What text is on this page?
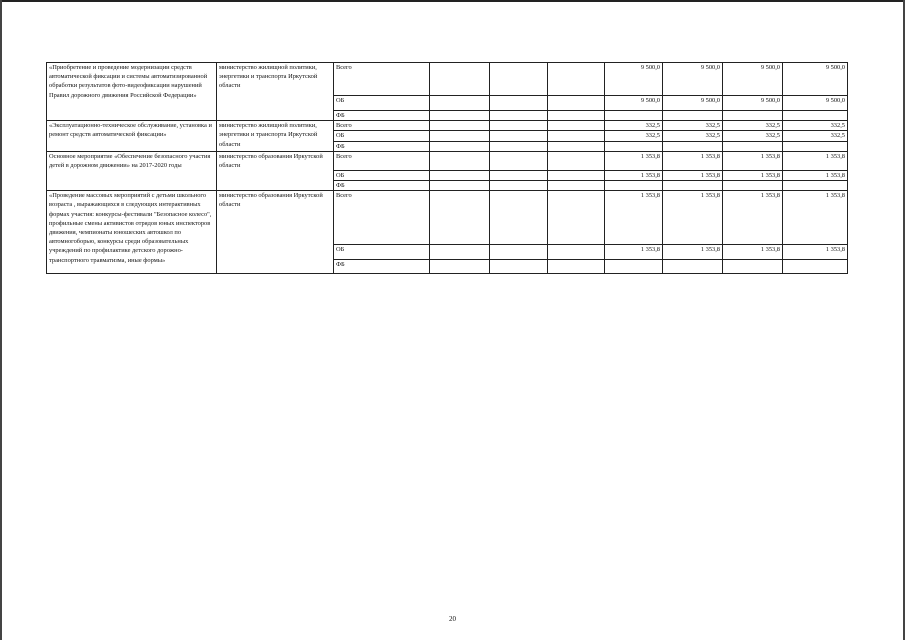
«Приобретение и проведение модернизации средств автоматической фиксации и системы автоматизированной обработки результатов фото-видеофиксации нарушений Правил дорожного движения Российской Федерации»	министерство жилищной политики, энергетики и транспорта Иркутской области	Всего				9 500,0	9 500,0	9 500,0	9 500,0
		ОБ				9 500,0	9 500,0	9 500,0	9 500,0
		ФБ							
«Эксплуатационно-техническое обслуживание, установка и ремонт средств автоматической фиксации»	министерство жилищной политики, энергетики и транспорта Иркутской области	Всего				332,5	332,5	332,5	332,5
		ОБ				332,5	332,5	332,5	332,5
		ФБ							
Основное мероприятие «Обеспечение безопасного участия детей в дорожном движении» на 2017-2020 годы	министерство образования Иркутской области	Всего				1 353,8	1 353,8	1 353,8	1 353,8
		ОБ				1 353,8	1 353,8	1 353,8	1 353,8
		ФБ							
«Проведение массовых мероприятий с детьми школьного возраста , выражающихся в следующих интерактивных формах участия: конкурсы-фестивали "Безопасное колесо", профильные смены активистов отрядов юных инспекторов движения, чемпионаты юношеских автошкол по автомногоборью, конкурсы среди образовательных учреждений по профилактике детского дорожно-транспортного травматизма, иные формы»	министерство образования Иркутской области	Всего				1 353,8	1 353,8	1 353,8	1 353,8
		ОБ				1 353,8	1 353,8	1 353,8	1 353,8
		ФБ							
20
